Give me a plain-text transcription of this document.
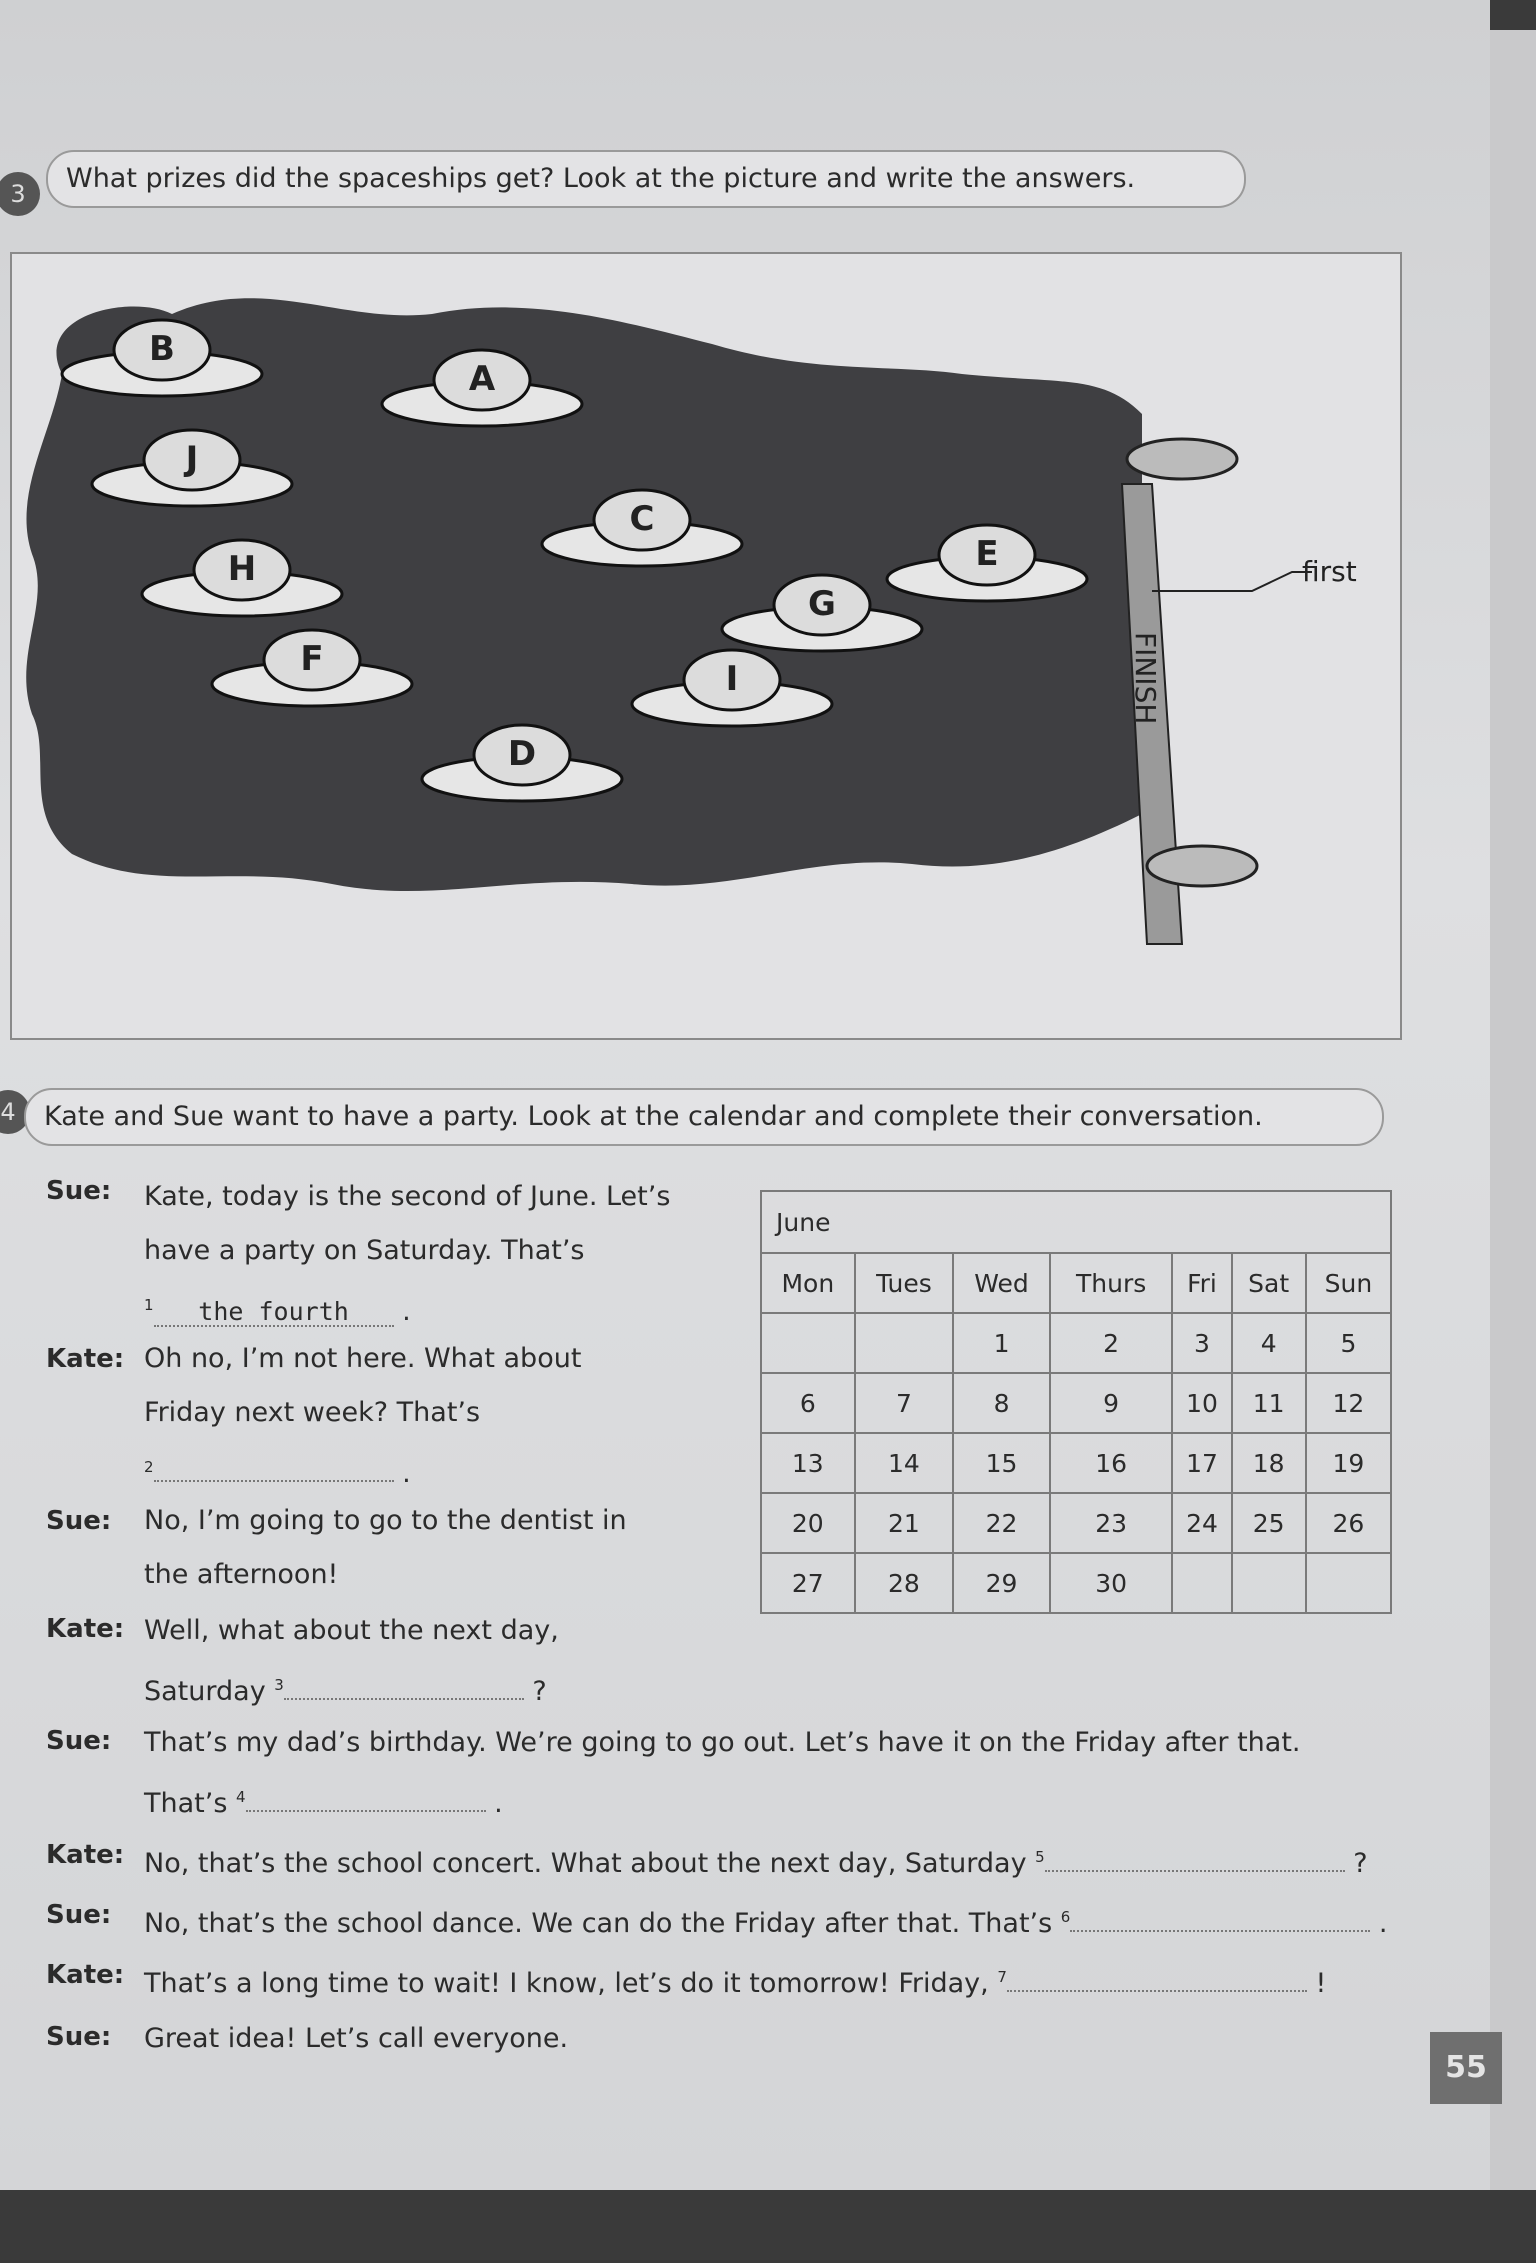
3	What prizes did the spaceships get? Look at the picture and write the answers.
B
A
J
C
H	E
G
F	I
D
FINISH
first
4	Kate and Sue want to have a party. Look at the calendar and complete their conversation.
Sue: Kate, today is the second of June. Let’s
have a party on Saturday. That’s
$^1$ the fourth .
Kate: Oh no, I’m not here. What about
Friday next week? That’s
$^2$	.
Sue: No, I’m going to go to the dentist in
the afternoon!
Kate: Well, what about the next day,
Saturday $^3$	?
Sue: That’s my dad’s birthday. We’re going to go out. Let’s have it on the Friday after that.
That’s $^4$	.
Kate: No, that’s the school concert. What about the next day, Saturday $^5$	?
Sue: No, that’s the school dance. We can do the Friday after that. That’s $^6$	.
Kate: That’s a long time to wait! I know, let’s do it tomorrow! Friday, $^7$	!
Sue: Great idea! Let’s call everyone.
June						
Mon	Tues	Wed	Thurs	Fri	Sat	Sun
		1	2	3	4	5
6	7	8	9	10	11	12
13	14	15	16	17	18	19
20	21	22	23	24	25	26
27	28	29	30			
55
